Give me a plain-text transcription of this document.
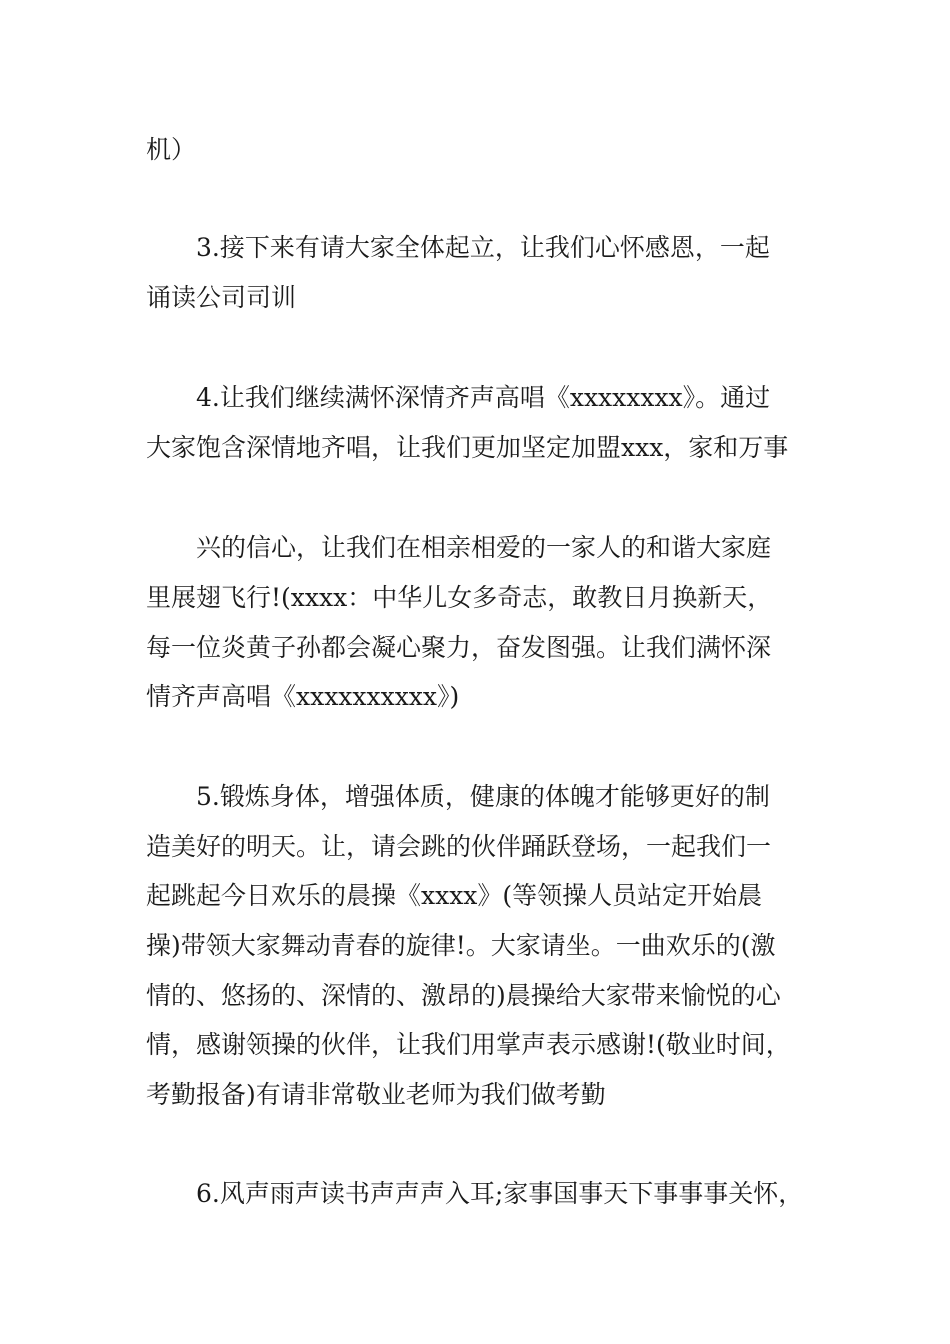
机）
3.接下来有请大家全体起立，让我们心怀感恩，一起
诵读公司司训
4.让我们继续满怀深情齐声高唱《xxxxxxxx》。通过
大家饱含深情地齐唱，让我们更加坚定加盟xxx，家和万事
兴的信心，让我们在相亲相爱的一家人的和谐大家庭
里展翅飞行!(xxxx：中华儿女多奇志，敢教日月换新天，
每一位炎黄子孙都会凝心聚力，奋发图强。让我们满怀深
情齐声高唱《xxxxxxxxxx》)
5.锻炼身体，增强体质，健康的体魄才能够更好的制
造美好的明天。让，请会跳的伙伴踊跃登场，一起我们一
起跳起今日欢乐的晨操《xxxx》(等领操人员站定开始晨
操)带领大家舞动青春的旋律!。大家请坐。一曲欢乐的(激
情的、悠扬的、深情的、激昂的)晨操给大家带来愉悦的心
情，感谢领操的伙伴，让我们用掌声表示感谢!(敬业时间，
考勤报备)有请非常敬业老师为我们做考勤
6.风声雨声读书声声声入耳;家事国事天下事事事关怀，
